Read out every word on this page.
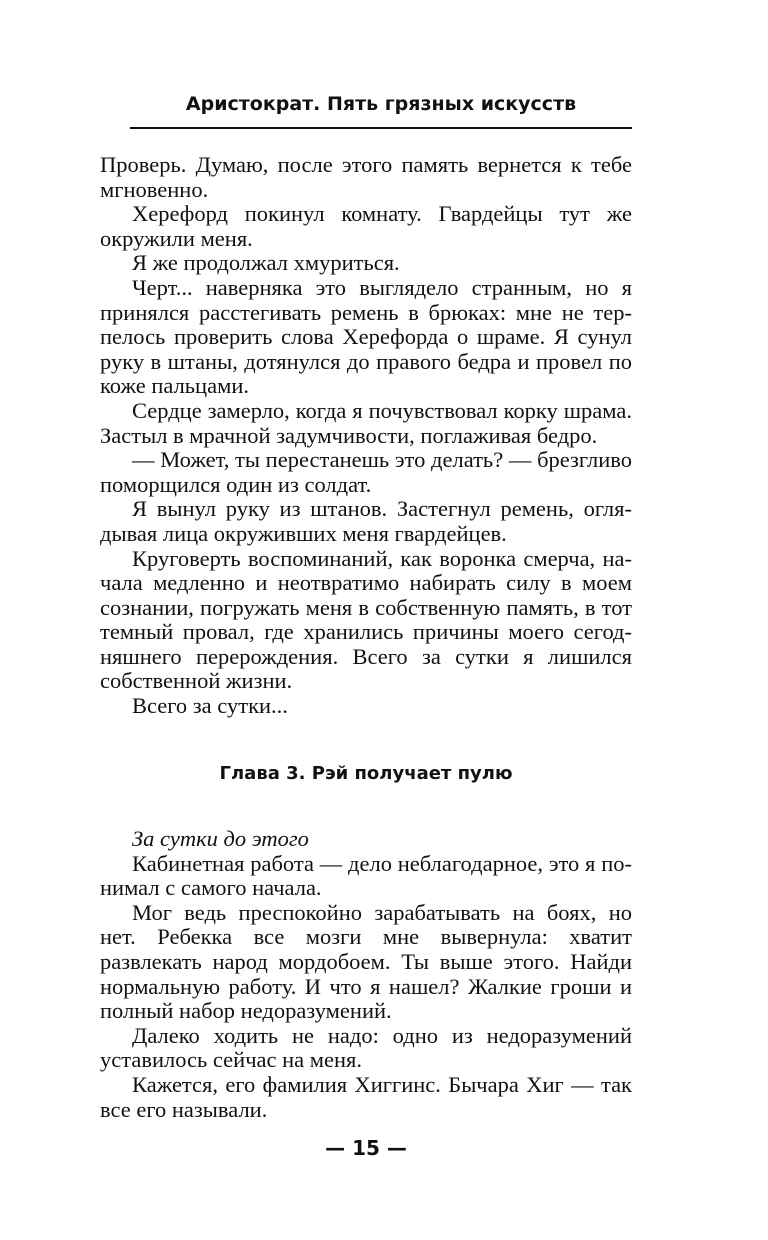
Аристократ. Пять грязных искусств

Проверь. Думаю, после этого память вернется к тебе мгновенно.

Херефорд покинул комнату. Гвардейцы тут же окружили меня.

Я же продолжал хмуриться.

Черт... наверняка это выглядело странным, но я принялся расстегивать ремень в брюках: мне не терпелось проверить слова Херефорда о шраме. Я сунул руку в штаны, дотянулся до правого бедра и провел по коже пальцами.

Сердце замерло, когда я почувствовал корку шрама. Застыл в мрачной задумчивости, поглаживая бедро.

— Может, ты перестанешь это делать? — брезгливо поморщился один из солдат.

Я вынул руку из штанов. Застегнул ремень, оглядывая лица окруживших меня гвардейцев.

Круговерть воспоминаний, как воронка смерча, начала медленно и неотвратимо набирать силу в моем сознании, погружать меня в собственную память, в тот темный провал, где хранились причины моего сегодняшнего перерождения. Всего за сутки я лишился собственной жизни.

Всего за сутки...

Глава 3. Рэй получает пулю

За сутки до этого

Кабинетная работа — дело неблагодарное, это я понимал с самого начала.

Мог ведь преспокойно зарабатывать на боях, но нет. Ребекка все мозги мне вывернула: хватит развлекать народ мордобоем. Ты выше этого. Найди нормальную работу. И что я нашел? Жалкие гроши и полный набор недоразумений.

Далеко ходить не надо: одно из недоразумений уставилось сейчас на меня.

Кажется, его фамилия Хиггинс. Бычара Хиг — так все его называли.

— 15 —
